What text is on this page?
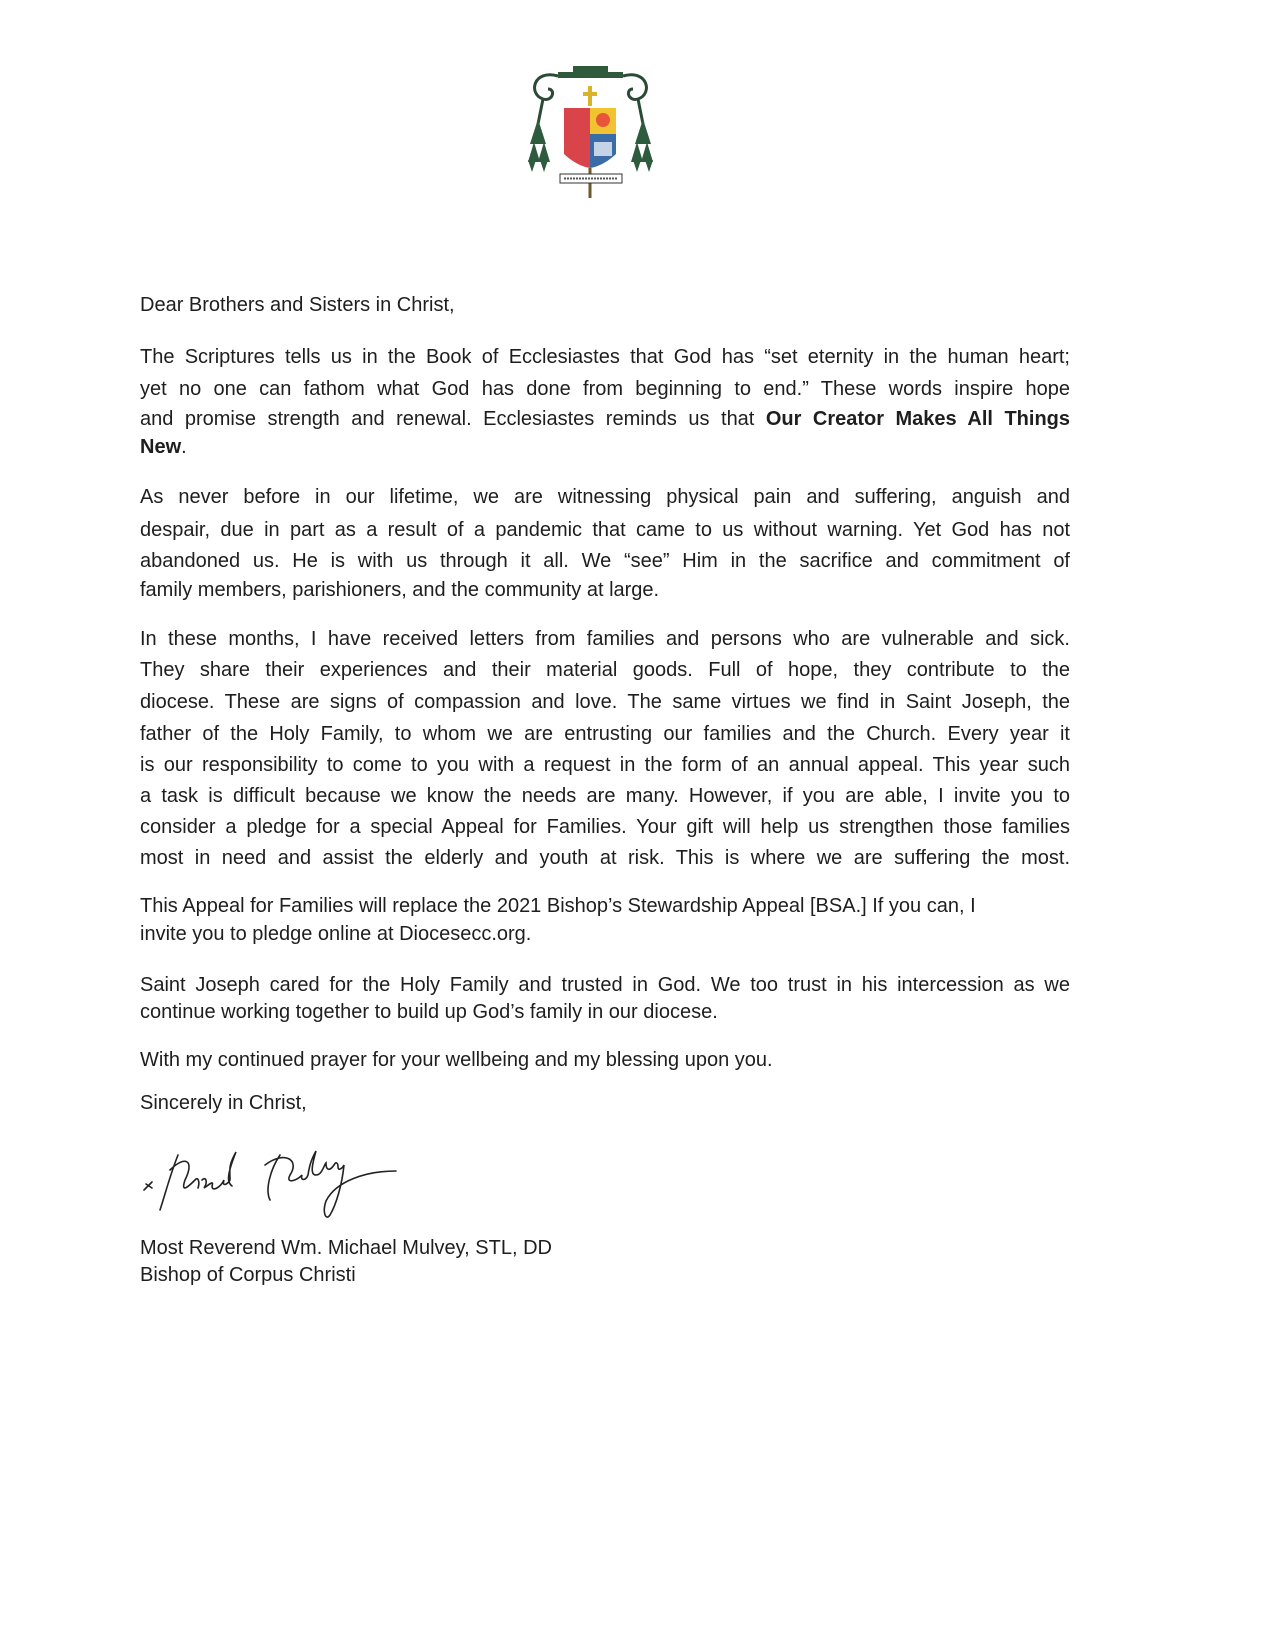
Dear Brothers and Sisters in Christ,
The Scriptures tells us in the Book of Ecclesiastes that God has “set eternity in the human heart;
yet no one can fathom what God has done from beginning to end.” These words inspire hope
and promise strength and renewal. Ecclesiastes reminds us that Our Creator Makes All Things
New.
As never before in our lifetime, we are witnessing physical pain and suffering, anguish and
despair, due in part as a result of a pandemic that came to us without warning. Yet God has not
abandoned us. He is with us through it all. We “see” Him in the sacrifice and commitment of
family members, parishioners, and the community at large.
In these months, I have received letters from families and persons who are vulnerable and sick.
They share their experiences and their material goods. Full of hope, they contribute to the
diocese. These are signs of compassion and love. The same virtues we find in Saint Joseph, the
father of the Holy Family, to whom we are entrusting our families and the Church. Every year it
is our responsibility to come to you with a request in the form of an annual appeal. This year such
a task is difficult because we know the needs are many. However, if you are able, I invite you to
consider a pledge for a special Appeal for Families. Your gift will help us strengthen those families
most in need and assist the elderly and youth at risk. This is where we are suffering the most.
This Appeal for Families will replace the 2021 Bishop’s Stewardship Appeal [BSA.] If you can, I
invite you to pledge online at Diocesecc.org.
Saint Joseph cared for the Holy Family and trusted in God. We too trust in his intercession as we
continue working together to build up God’s family in our diocese.
With my continued prayer for your wellbeing and my blessing upon you.
Sincerely in Christ,
Most Reverend Wm. Michael Mulvey, STL, DD
Bishop of Corpus Christi
